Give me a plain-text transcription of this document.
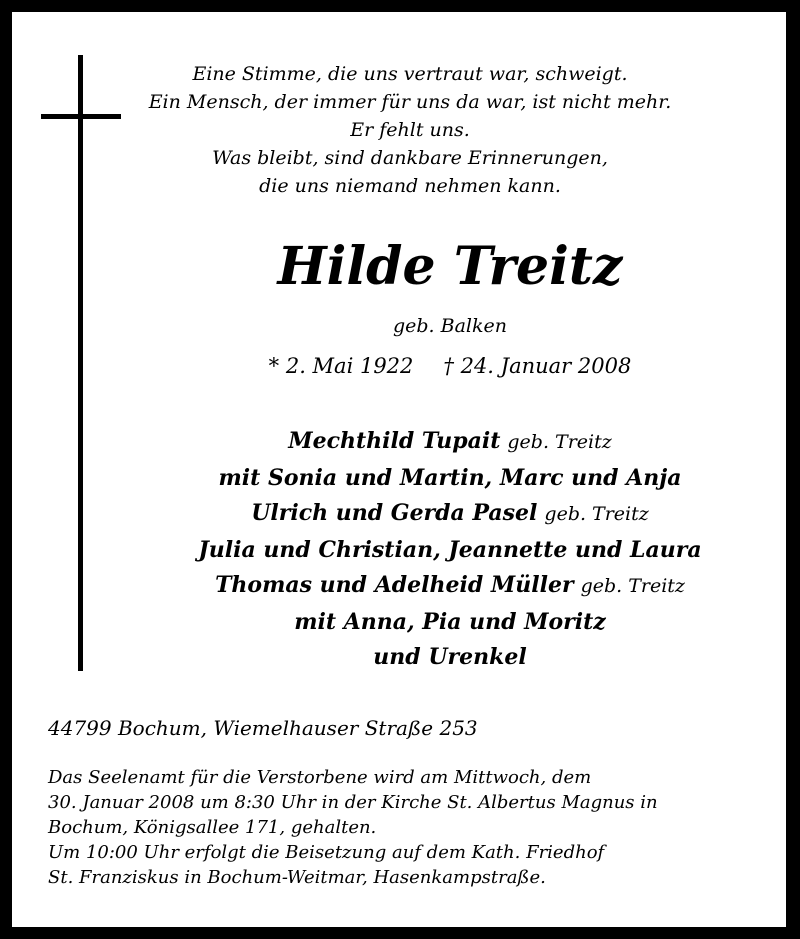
Eine Stimme, die uns vertraut war, schweigt.
Ein Mensch, der immer für uns da war, ist nicht mehr.
Er fehlt uns.
Was bleibt, sind dankbare Erinnerungen,
die uns niemand nehmen kann.
Hilde Treitz
geb. Balken
* 2. Mai 1922 † 24. Januar 2008
Mechthild Tupait geb. Treitz
mit Sonia und Martin, Marc und Anja
Ulrich und Gerda Pasel geb. Treitz
Julia und Christian, Jeannette und Laura
Thomas und Adelheid Müller geb. Treitz
mit Anna, Pia und Moritz
und Urenkel
44799 Bochum, Wiemelhauser Straße 253
Das Seelenamt für die Verstorbene wird am Mittwoch, dem
30. Januar 2008 um 8:30 Uhr in der Kirche St. Albertus Magnus in
Bochum, Königsallee 171, gehalten.
Um 10:00 Uhr erfolgt die Beisetzung auf dem Kath. Friedhof
St. Franziskus in Bochum-Weitmar, Hasenkampstraße.
